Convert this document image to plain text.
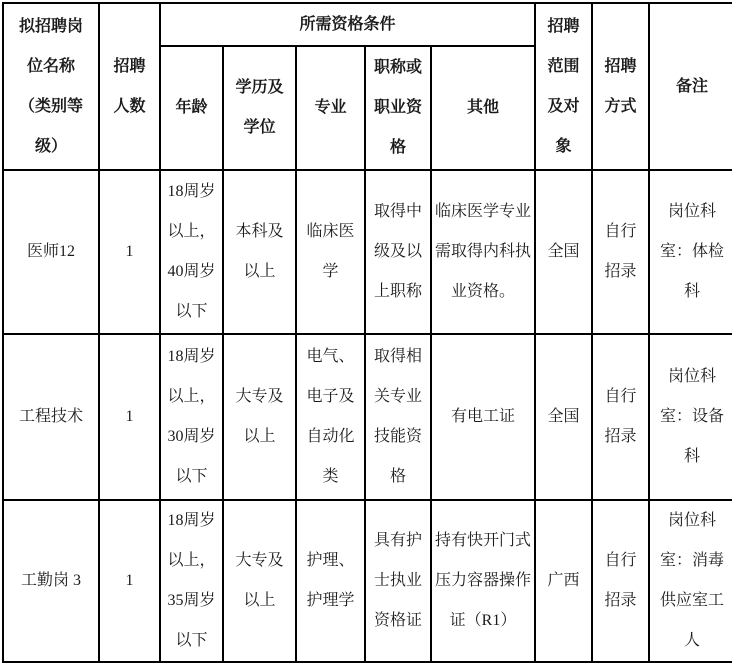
拟招聘岗位名称（类别等级）	招聘人数	所需资格条件					招聘范围及对象	招聘方式	备注
		年龄	学历及学位	专业	职称或职业资格	其他			
医师12	1	18周岁以上，40周岁以下	本科及以上	临床医学	取得中级及以上职称	临床医学专业需取得内科执业资格。	全国	自行招录	岗位科室：体检科
工程技术	1	18周岁以上，30周岁以下	大专及以上	电气、电子及自动化类	取得相关专业技能资格	有电工证	全国	自行招录	岗位科室：设备科
工勤岗 3	1	18周岁以上，35周岁以下	大专及以上	护理、护理学	具有护士执业资格证	持有快开门式压力容器操作证（R1）	广西	自行招录	岗位科室：消毒供应室工人
